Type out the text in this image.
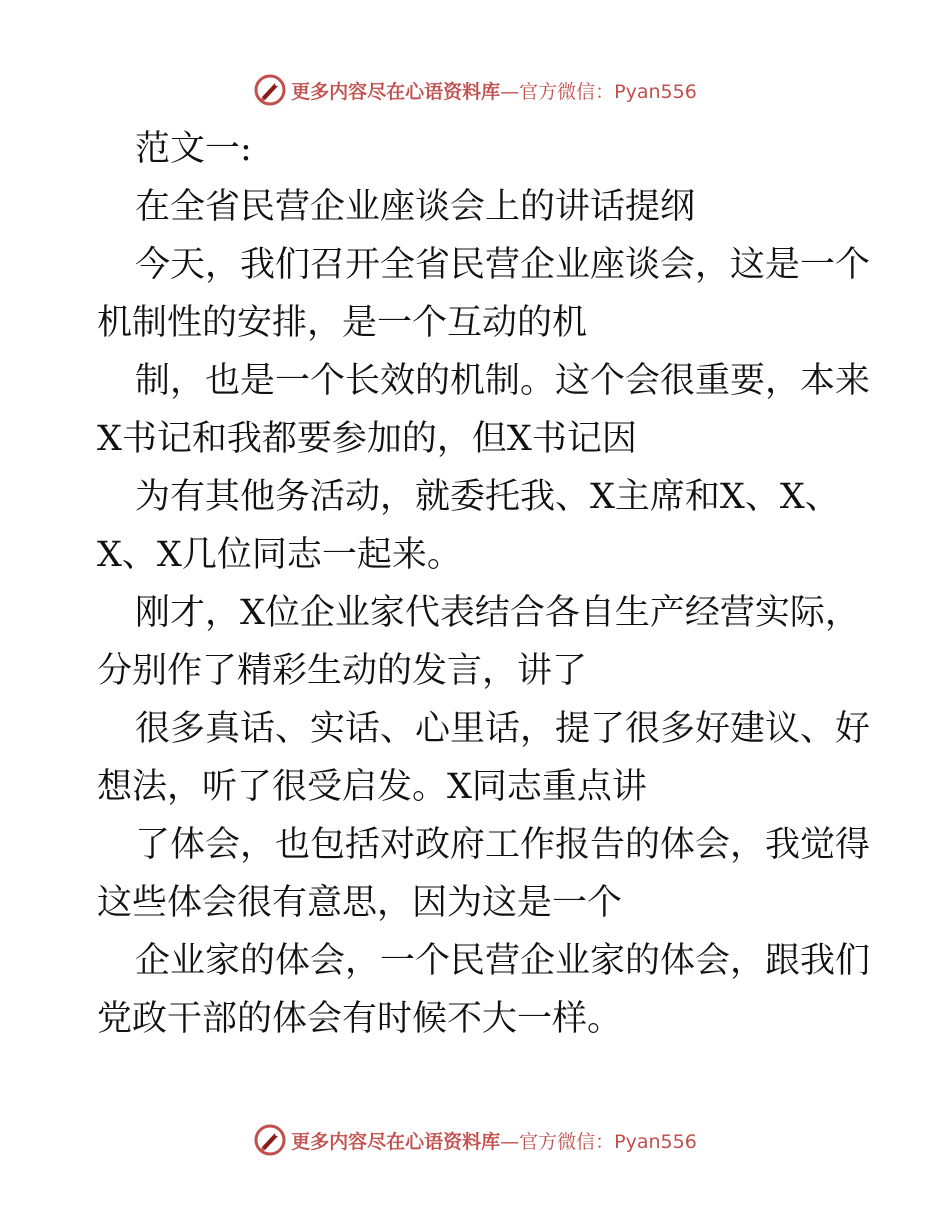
更多内容尽在心语资料库—官方微信：Pyan556

范文一:

在全省民营企业座谈会上的讲话提纲

今天，我们召开全省民营企业座谈会，这是一个

机制性的安排，是一个互动的机

制，也是一个长效的机制。这个会很重要，本来

X书记和我都要参加的，但X书记因

为有其他务活动，就委托我、X主席和X、X、

X、X几位同志一起来。

刚才，X位企业家代表结合各自生产经营实际，

分别作了精彩生动的发言，讲了

很多真话、实话、心里话，提了很多好建议、好

想法，听了很受启发。X同志重点讲

了体会，也包括对政府工作报告的体会，我觉得

这些体会很有意思，因为这是一个

企业家的体会，一个民营企业家的体会，跟我们

党政干部的体会有时候不大一样。

更多内容尽在心语资料库—官方微信：Pyan556
